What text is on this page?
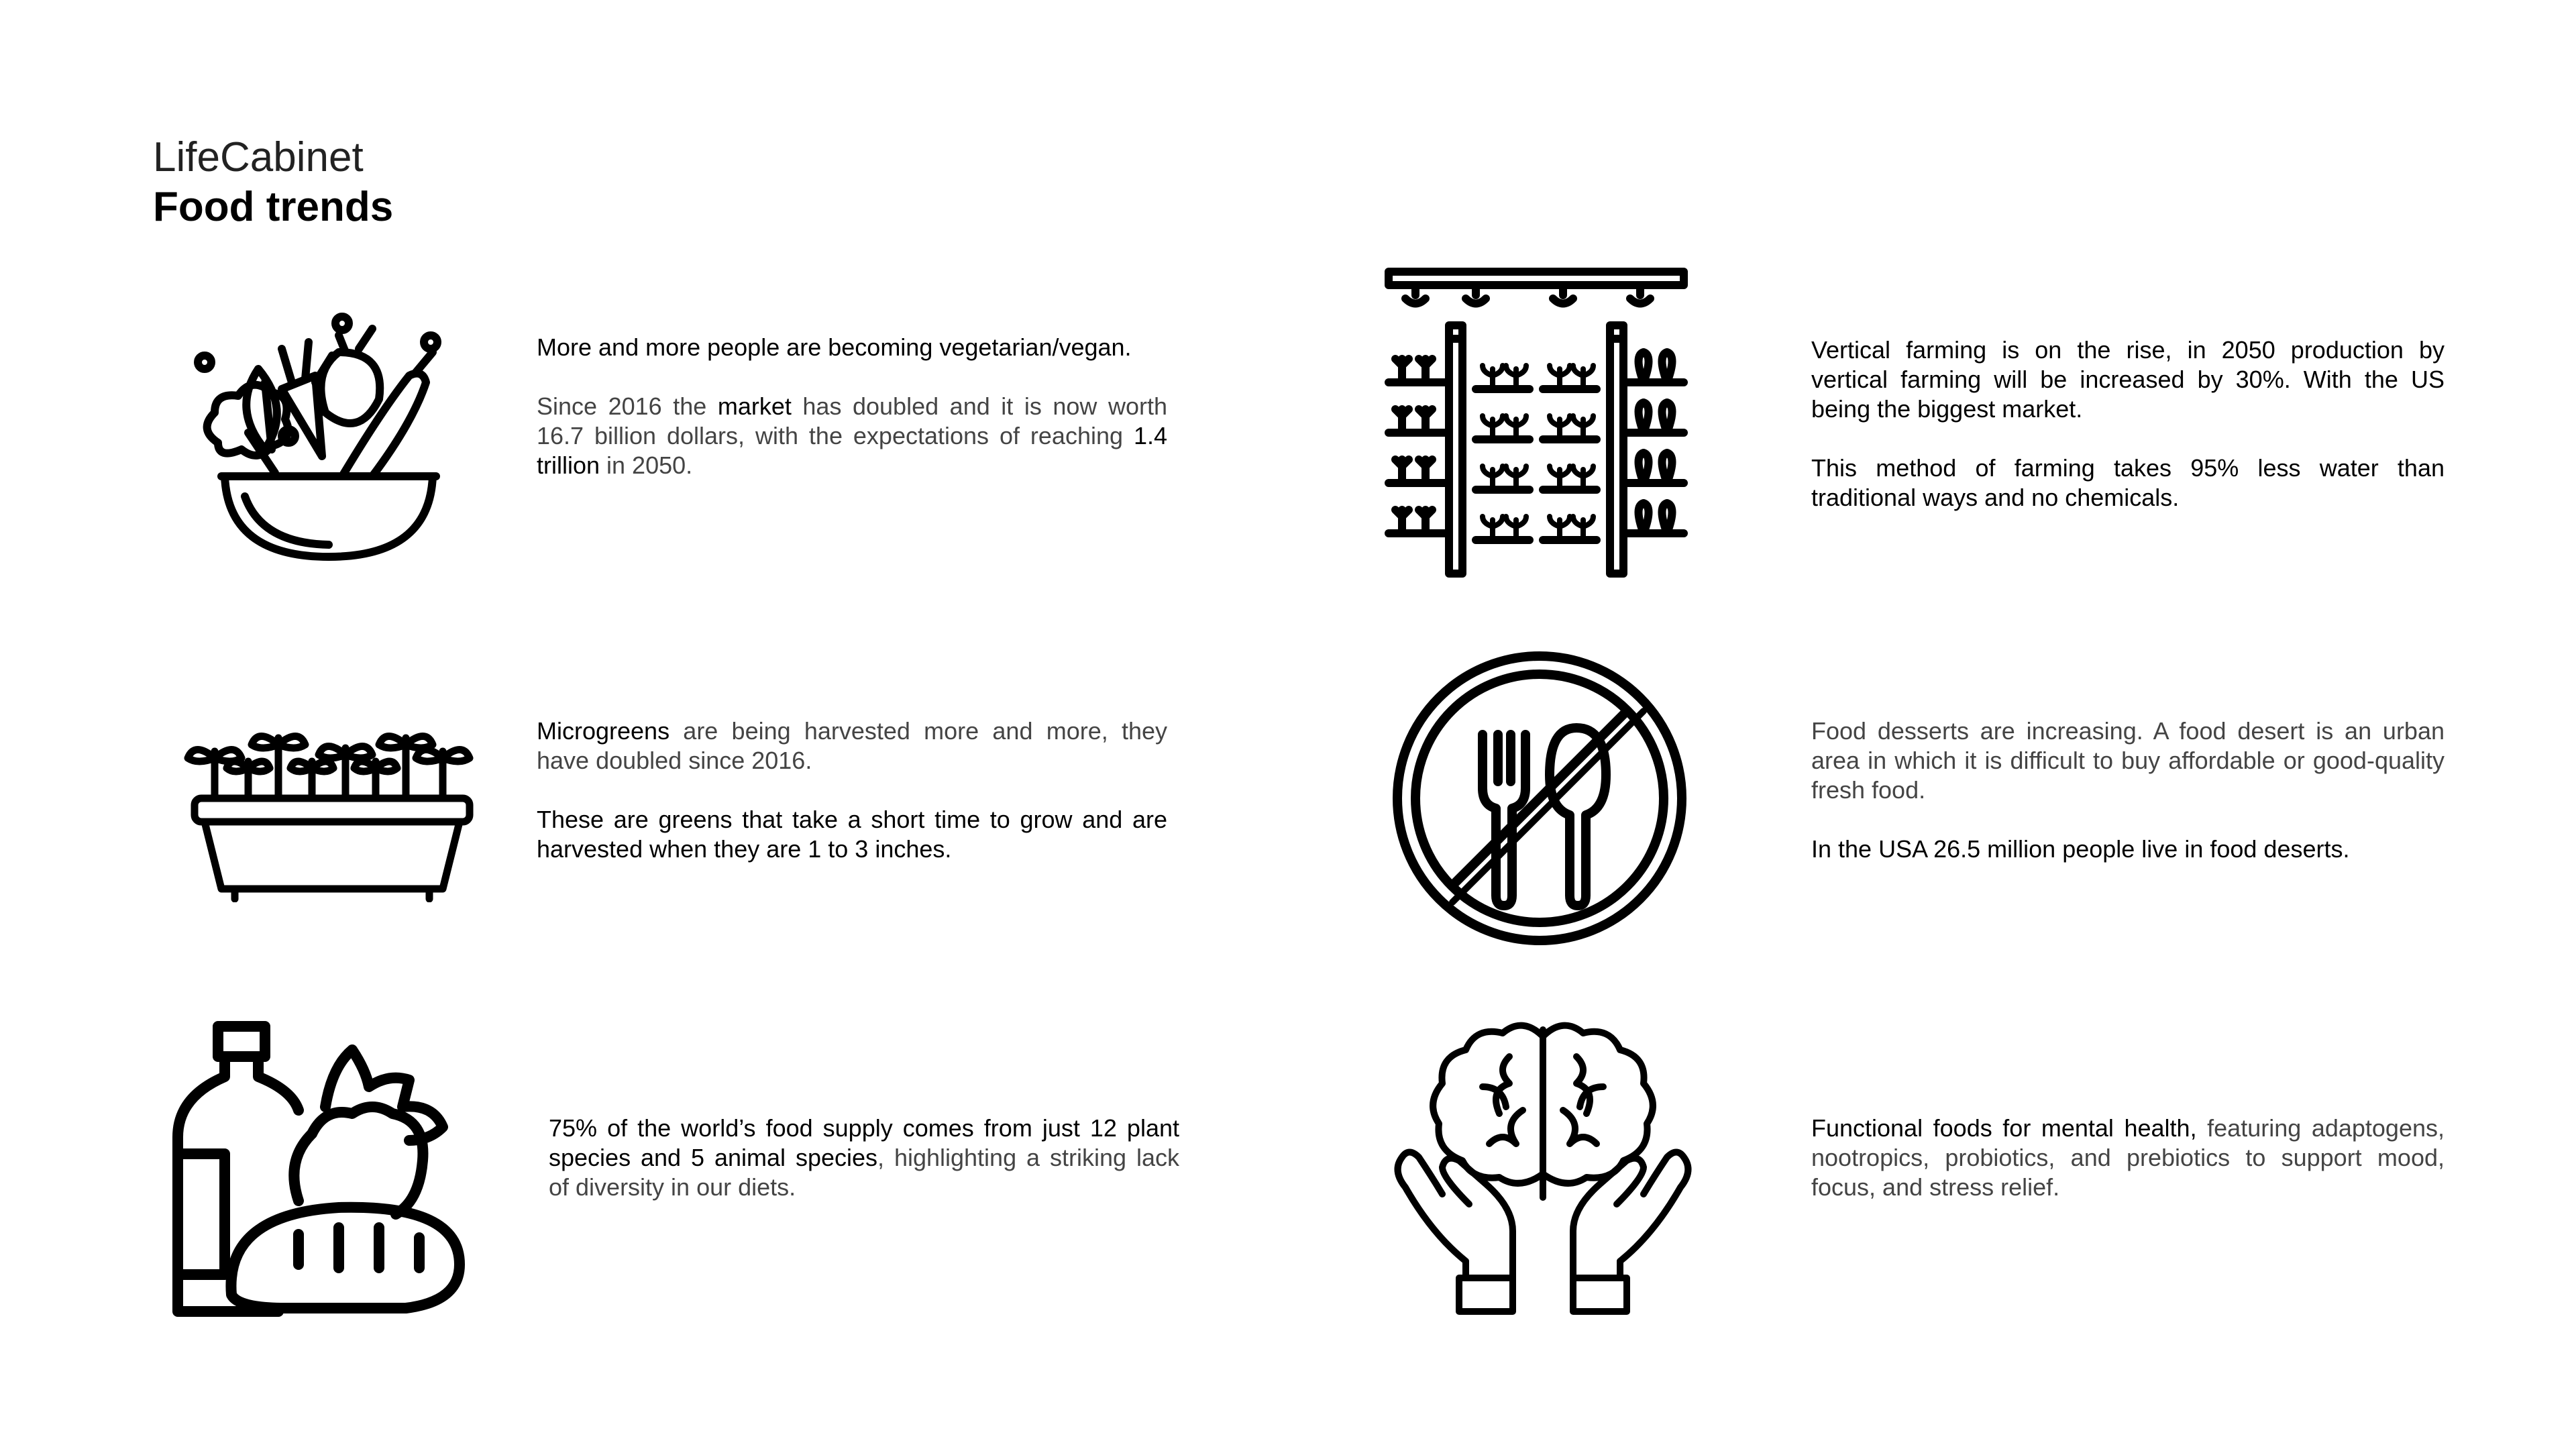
LifeCabinet
Food trends

More and more people are becoming vegetarian/vegan.

Since 2016 the market has doubled and it is now worth 16.7 billion dollars, with the expectations of reaching 1.4 trillion in 2050.

Vertical farming is on the rise, in 2050 production by vertical farming will be increased by 30%. With the US being the biggest market.

This method of farming takes 95% less water than traditional ways and no chemicals.

Microgreens are being harvested more and more, they have doubled since 2016.

These are greens that take a short time to grow and are harvested when they are 1 to 3 inches.

Food desserts are increasing. A food desert is an urban area in which it is difficult to buy affordable or good-quality fresh food.

In the USA 26.5 million people live in food deserts.

75% of the world’s food supply comes from just 12 plant species and 5 animal species, highlighting a striking lack of diversity in our diets.

Functional foods for mental health, featuring adaptogens, nootropics, probiotics, and prebiotics to support mood, focus, and stress relief.
